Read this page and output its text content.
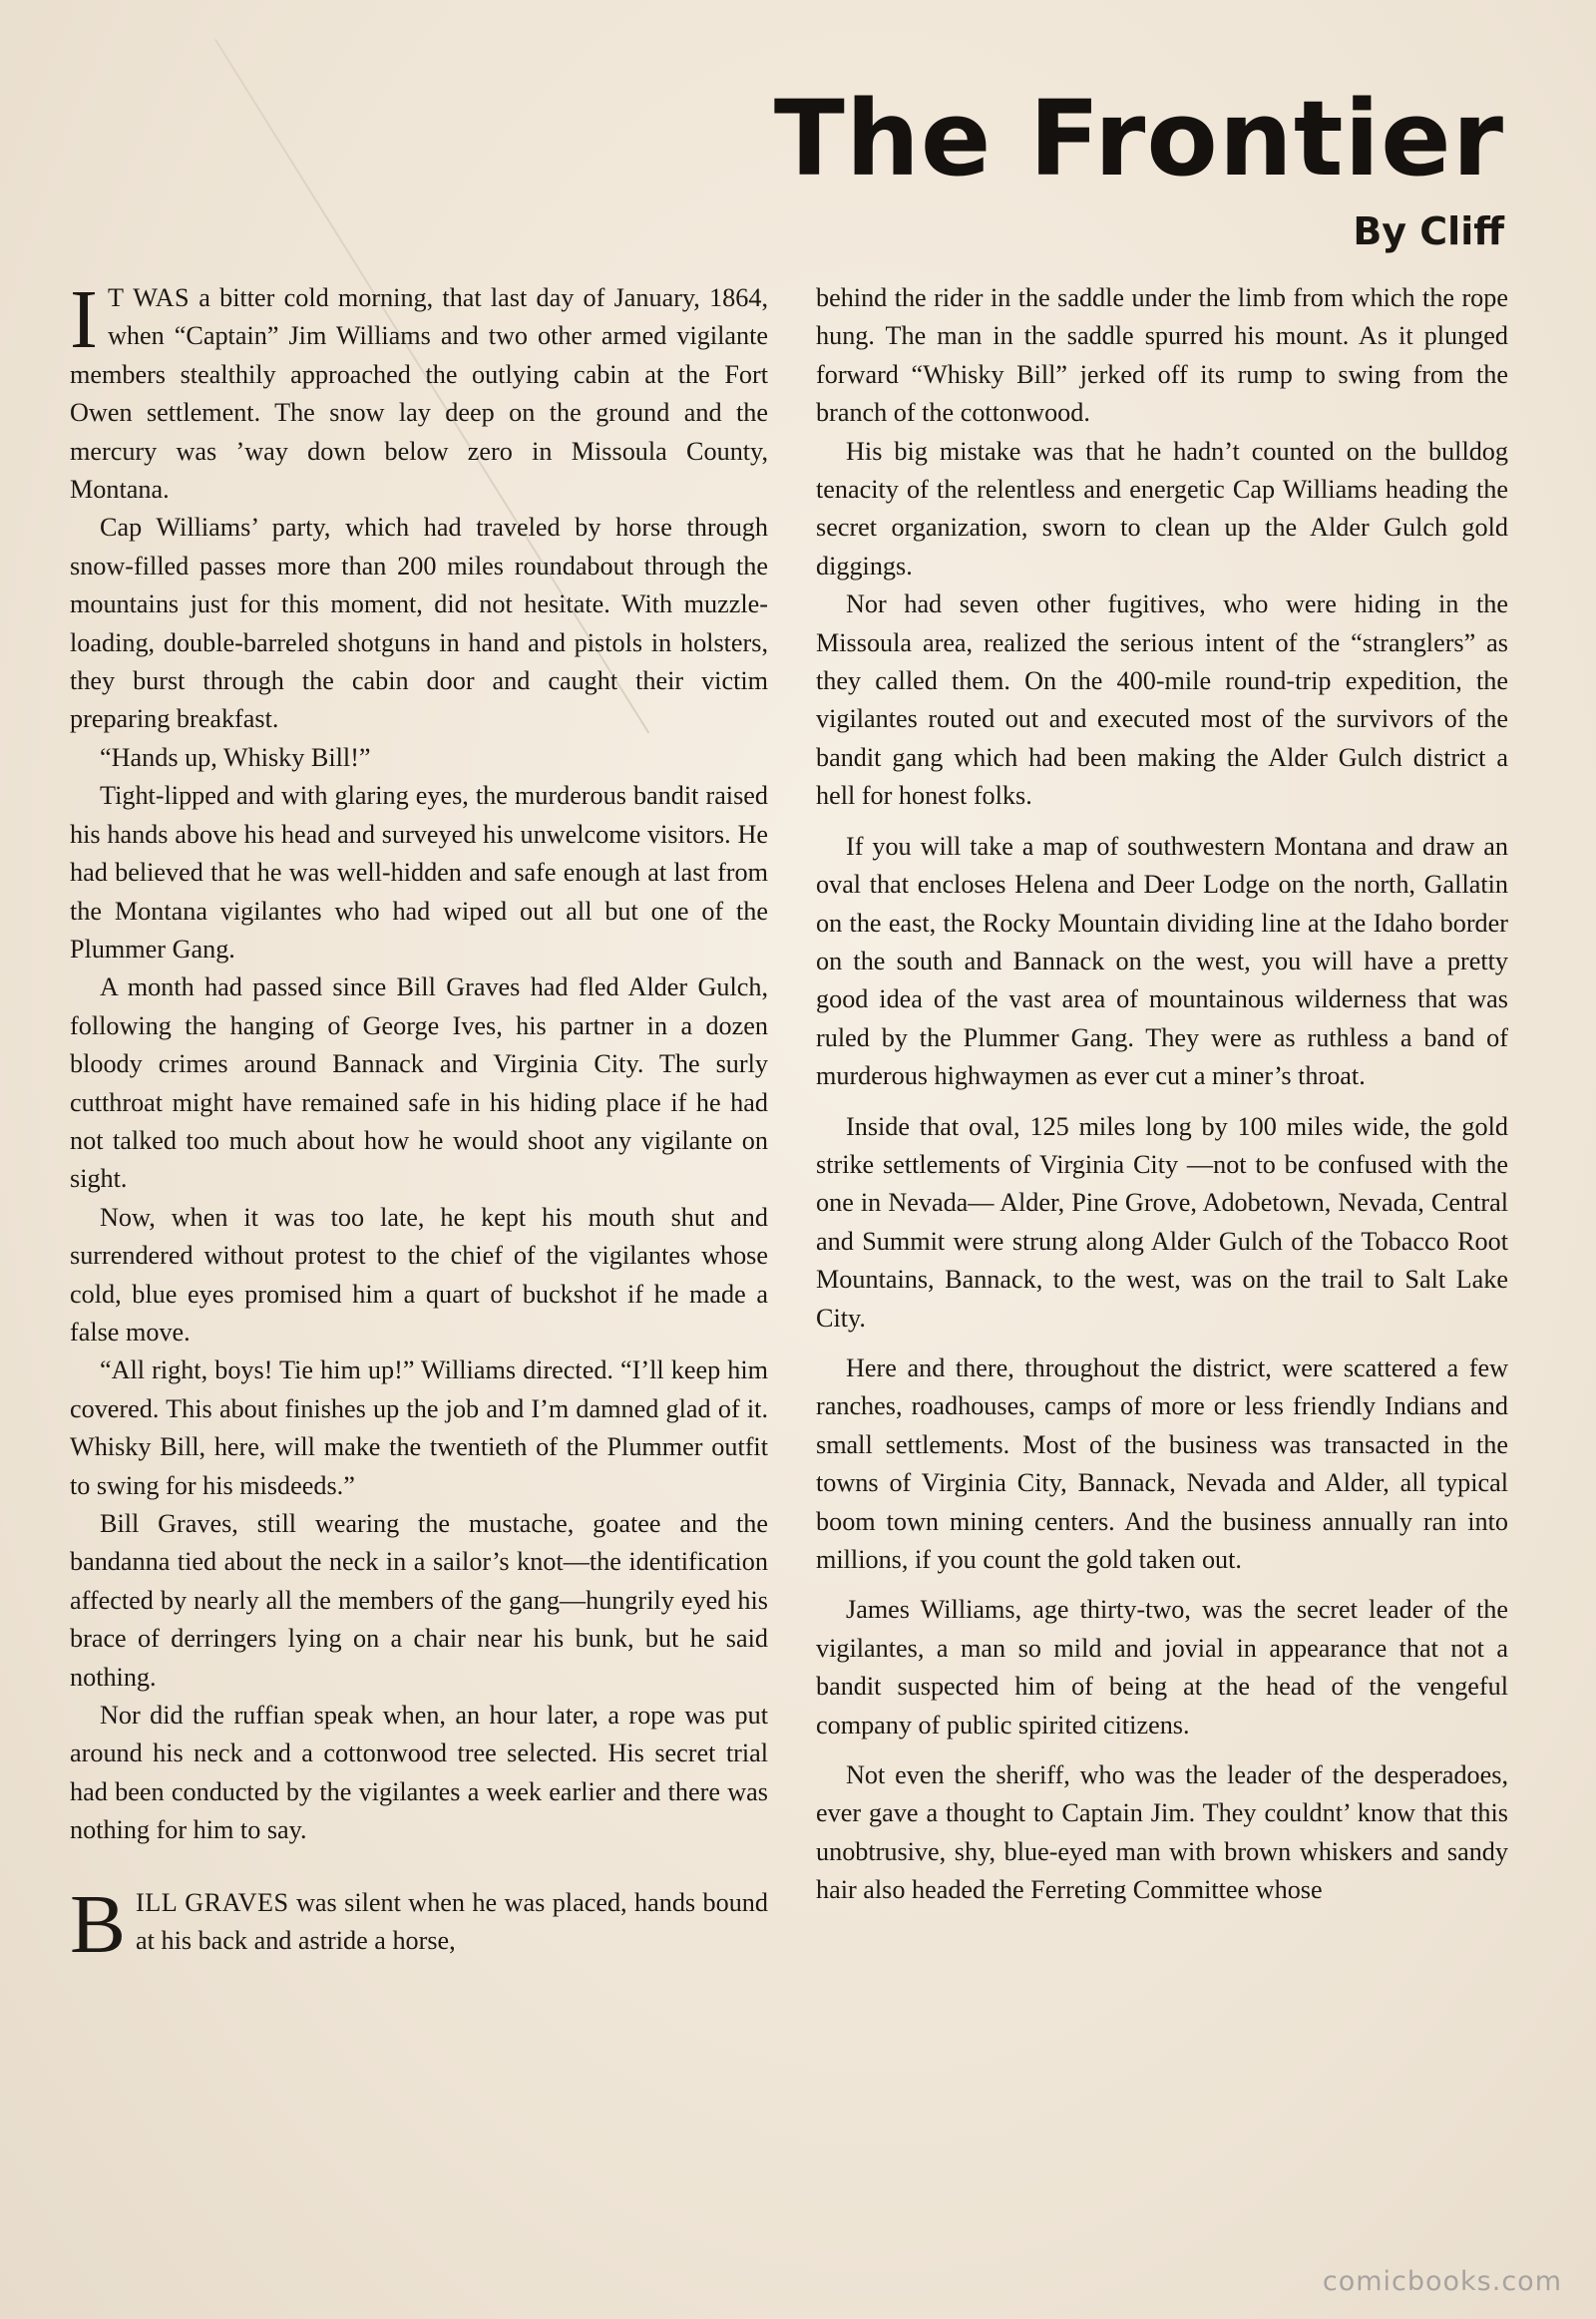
The Frontier
By Cliff

I T WAS a bitter cold morning, that last day of January, 1864, when “Captain” Jim Williams and two other armed vigilante members stealthily approached the outlying cabin at the Fort Owen settlement. The snow lay deep on the ground and the mercury was ’way down below zero in Missoula County, Montana.

Cap Williams’ party, which had traveled by horse through snow-filled passes more than 200 miles roundabout through the mountains just for this moment, did not hesitate. With muzzle-loading, double-barreled shotguns in hand and pistols in holsters, they burst through the cabin door and caught their victim preparing breakfast.

“Hands up, Whisky Bill!”

Tight-lipped and with glaring eyes, the murderous bandit raised his hands above his head and surveyed his unwelcome visitors. He had believed that he was well-hidden and safe enough at last from the Montana vigilantes who had wiped out all but one of the Plummer Gang.

A month had passed since Bill Graves had fled Alder Gulch, following the hanging of George Ives, his partner in a dozen bloody crimes around Bannack and Virginia City. The surly cutthroat might have remained safe in his hiding place if he had not talked too much about how he would shoot any vigilante on sight.

Now, when it was too late, he kept his mouth shut and surrendered without protest to the chief of the vigilantes whose cold, blue eyes promised him a quart of buckshot if he made a false move.

“All right, boys! Tie him up!” Williams directed. “I’ll keep him covered. This about finishes up the job and I’m damned glad of it. Whisky Bill, here, will make the twentieth of the Plummer outfit to swing for his misdeeds.”

Bill Graves, still wearing the mustache, goatee and the bandanna tied about the neck in a sailor’s knot—the identification affected by nearly all the members of the gang—hungrily eyed his brace of derringers lying on a chair near his bunk, but he said nothing.

Nor did the ruffian speak when, an hour later, a rope was put around his neck and a cottonwood tree selected. His secret trial had been conducted by the vigilantes a week earlier and there was nothing for him to say.

BILL GRAVES was silent when he was placed, hands bound at his back and astride a horse,

behind the rider in the saddle under the limb from which the rope hung. The man in the saddle spurred his mount. As it plunged forward “Whisky Bill” jerked off its rump to swing from the branch of the cottonwood.

His big mistake was that he hadn’t counted on the bulldog tenacity of the relentless and energetic Cap Williams heading the secret organization, sworn to clean up the Alder Gulch gold diggings.

Nor had seven other fugitives, who were hiding in the Missoula area, realized the serious intent of the “stranglers” as they called them. On the 400-mile round-trip expedition, the vigilantes routed out and executed most of the survivors of the bandit gang which had been making the Alder Gulch district a hell for honest folks.

If you will take a map of southwestern Montana and draw an oval that encloses Helena and Deer Lodge on the north, Gallatin on the east, the Rocky Mountain dividing line at the Idaho border on the south and Bannack on the west, you will have a pretty good idea of the vast area of mountainous wilderness that was ruled by the Plummer Gang. They were as ruthless a band of murderous highwaymen as ever cut a miner’s throat.

Inside that oval, 125 miles long by 100 miles wide, the gold strike settlements of Virginia City —not to be confused with the one in Nevada— Alder, Pine Grove, Adobetown, Nevada, Central and Summit were strung along Alder Gulch of the Tobacco Root Mountains, Bannack, to the west, was on the trail to Salt Lake City.

Here and there, throughout the district, were scattered a few ranches, roadhouses, camps of more or less friendly Indians and small settlements. Most of the business was transacted in the towns of Virginia City, Bannack, Nevada and Alder, all typical boom town mining centers. And the business annually ran into millions, if you count the gold taken out.

James Williams, age thirty-two, was the secret leader of the vigilantes, a man so mild and jovial in appearance that not a bandit suspected him of being at the head of the vengeful company of public spirited citizens.

Not even the sheriff, who was the leader of the desperadoes, ever gave a thought to Captain Jim. They couldnt’ know that this unobtrusive, shy, blue-eyed man with brown whiskers and sandy hair also headed the Ferreting Committee whose

comicbooks.com
